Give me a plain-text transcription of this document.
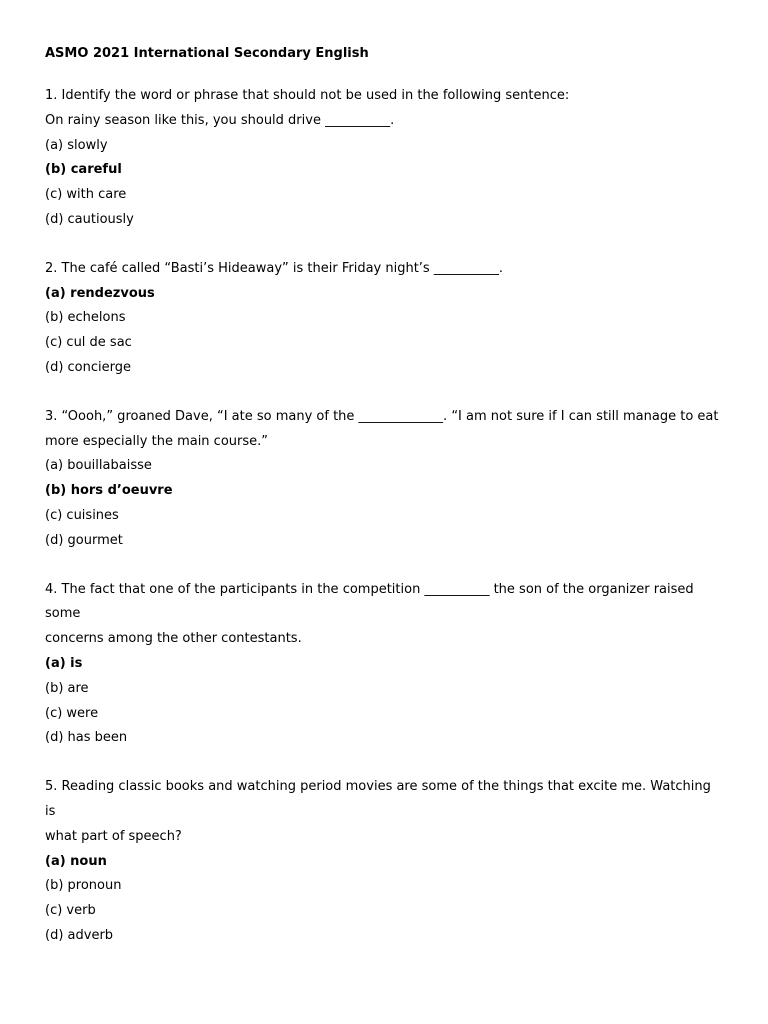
ASMO 2021 International Secondary English

1. Identify the word or phrase that should not be used in the following sentence:

On rainy season like this, you should drive __________.

(a) slowly

(b) careful

(c) with care

(d) cautiously

2. The café called “Basti’s Hideaway” is their Friday night’s __________.

(a) rendezvous

(b) echelons

(c) cul de sac

(d) concierge

3. “Oooh,” groaned Dave, “I ate so many of the _____________. “I am not sure if I can still manage to eat

more especially the main course.”

(a) bouillabaisse

(b) hors d’oeuvre

(c) cuisines

(d) gourmet

4. The fact that one of the participants in the competition __________ the son of the organizer raised some

concerns among the other contestants.

(a) is

(b) are

(c) were

(d) has been

5. Reading classic books and watching period movies are some of the things that excite me. Watching is

what part of speech?

(a) noun

(b) pronoun

(c) verb

(d) adverb
